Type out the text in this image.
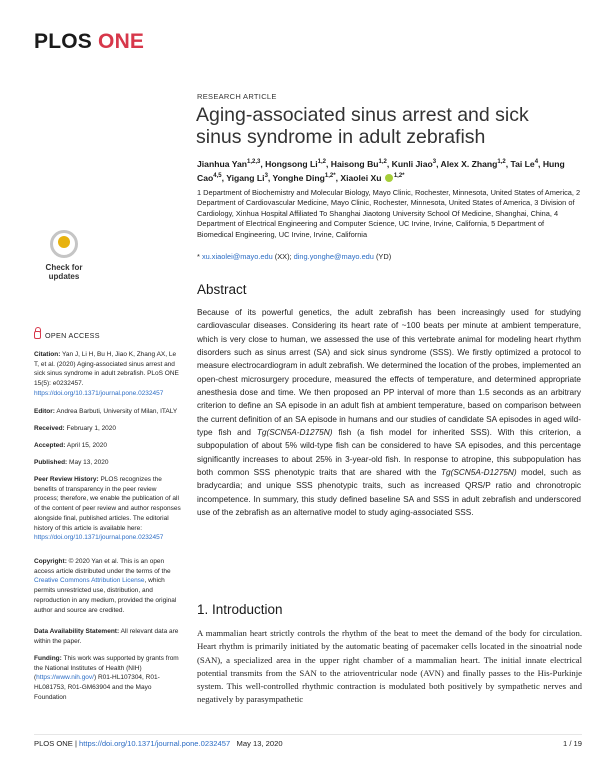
PLOS ONE
RESEARCH ARTICLE
Aging-associated sinus arrest and sick sinus syndrome in adult zebrafish
Jianhua Yan$^{1,2,3}$, Hongsong Li$^{1,2}$, Haisong Bu$^{1,2}$, Kunli Jiao$^3$, Alex X. Zhang$^{1,2}$, Tai Le$^4$, Hung Cao$^{4,5}$, Yigang Li$^3$, Yonghe Ding$^{1,2*}$, Xiaolei Xu $^{1,2*}$
1 Department of Biochemistry and Molecular Biology, Mayo Clinic, Rochester, Minnesota, United States of America, 2 Department of Cardiovascular Medicine, Mayo Clinic, Rochester, Minnesota, United States of America, 3 Division of Cardiology, Xinhua Hospital Affiliated To Shanghai Jiaotong University School Of Medicine, Shanghai, China, 4 Department of Electrical Engineering and Computer Science, UC Irvine, Irvine, California, 5 Department of Biomedical Engineering, UC Irvine, Irvine, California
* xu.xiaolei@mayo.edu (XX); ding.yonghe@mayo.edu (YD)
Check for
updates
Abstract
Because of its powerful genetics, the adult zebrafish has been increasingly used for studying cardiovascular diseases. Considering its heart rate of ~100 beats per minute at ambient temperature, which is very close to human, we assessed the use of this vertebrate animal for modeling heart rhythm disorders such as sinus arrest (SA) and sick sinus syndrome (SSS). We firstly optimized a protocol to measure electrocardiogram in adult zebrafish. We determined the location of the probes, implemented an open-chest microsurgery procedure, measured the effects of temperature, and determined appropriate anesthesia dose and time. We then proposed an PP interval of more than 1.5 seconds as an arbitrary criterion to define an SA episode in an adult fish at ambient temperature, based on comparison between the current definition of an SA episode in humans and our studies of candidate SA episodes in aged wild-type fish and Tg(SCN5A-D1275N) fish (a fish model for inherited SSS). With this criterion, a subpopulation of about 5% wild-type fish can be considered to have SA episodes, and this percentage significantly increases to about 25% in 3-year-old fish. In response to atropine, this subpopulation has both common SSS phenotypic traits that are shared with the Tg(SCN5A-D1275N) model, such as bradycardia; and unique SSS phenotypic traits, such as increased QRS/P ratio and chronotropic incompetence. In summary, this study defined baseline SA and SSS in adult zebrafish and underscored use of the zebrafish as an alternative model to study aging-associated SSS.
OPEN ACCESS
Citation: Yan J, Li H, Bu H, Jiao K, Zhang AX, Le T, et al. (2020) Aging-associated sinus arrest and sick sinus syndrome in adult zebrafish. PLoS ONE 15(5): e0232457. https://doi.org/10.1371/journal.pone.0232457
Editor: Andrea Barbuti, University of Milan, ITALY
Received: February 1, 2020
Accepted: April 15, 2020
Published: May 13, 2020
Peer Review History: PLOS recognizes the benefits of transparency in the peer review process; therefore, we enable the publication of all of the content of peer review and author responses alongside final, published articles. The editorial history of this article is available here: https://doi.org/10.1371/journal.pone.0232457
Copyright: © 2020 Yan et al. This is an open access article distributed under the terms of the Creative Commons Attribution License, which permits unrestricted use, distribution, and reproduction in any medium, provided the original author and source are credited.
Data Availability Statement: All relevant data are within the paper.
Funding: This work was supported by grants from the National Institutes of Health (NIH) (https://www.nih.gov/) R01-HL107304, R01-HL081753, R01-GM63904 and the Mayo Foundation
1. Introduction
A mammalian heart strictly controls the rhythm of the beat to meet the demand of the body for circulation. Heart rhythm is primarily initiated by the automatic beating of pacemaker cells located in the sinoatrial node (SAN), a specialized area in the upper right chamber of a mammalian heart. The initial innate electrical potential transmits from the SAN to the atrioventricular node (AVN) and finally passes to the His-Purkinje system. This well-controlled rhythmic contraction is modulated both positively by sympathetic nerves and negatively by parasympathetic
PLOS ONE | https://doi.org/10.1371/journal.pone.0232457 May 13, 2020	1 / 19
